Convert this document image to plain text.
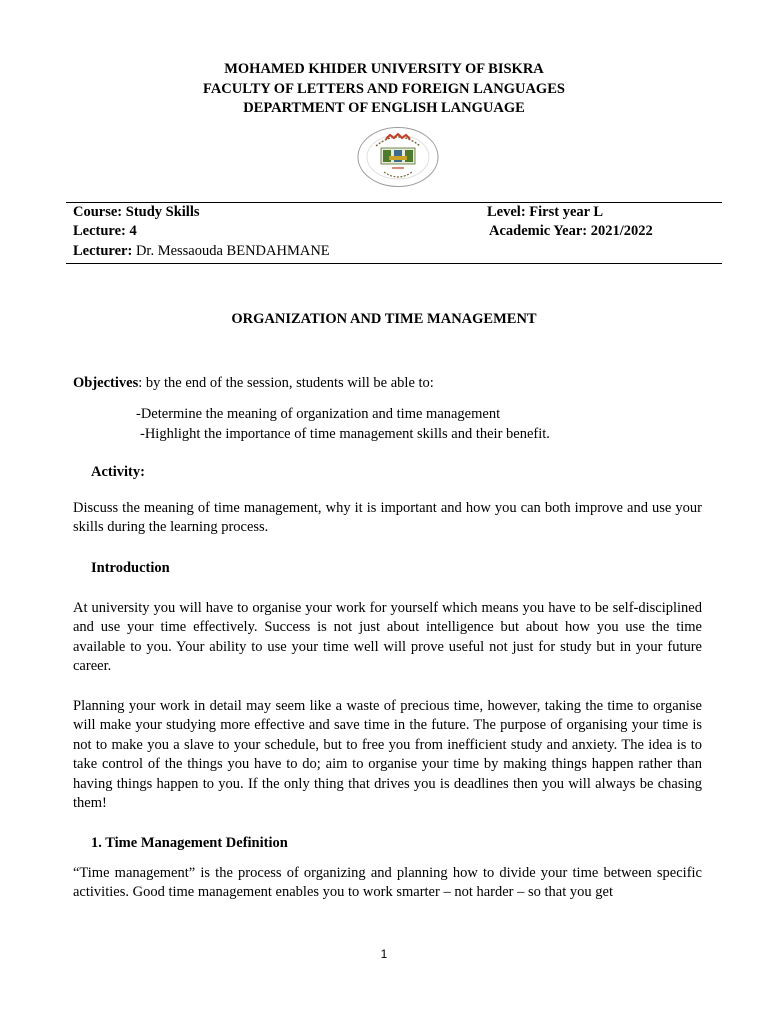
MOHAMED KHIDER UNIVERSITY OF BISKRA
FACULTY OF LETTERS AND FOREIGN LANGUAGES
DEPARTMENT OF ENGLISH LANGUAGE
Course: Study Skills	Level: First year L
Lecture: 4	Academic Year: 2021/2022
Lecturer: Dr. Messaouda BENDAHMANE
ORGANIZATION AND TIME MANAGEMENT
Objectives: by the end of the session, students will be able to:
-Determine the meaning of organization and time management
-Highlight the importance of time management skills and their benefit.
Activity:
Discuss the meaning of time management, why it is important and how you can both improve and use your skills during the learning process.
Introduction
At university you will have to organise your work for yourself which means you have to be self-disciplined and use your time effectively. Success is not just about intelligence but about how you use the time available to you. Your ability to use your time well will prove useful not just for study but in your future career.
Planning your work in detail may seem like a waste of precious time, however, taking the time to organise will make your studying more effective and save time in the future. The purpose of organising your time is not to make you a slave to your schedule, but to free you from inefficient study and anxiety. The idea is to take control of the things you have to do; aim to organise your time by making things happen rather than having things happen to you. If the only thing that drives you is deadlines then you will always be chasing them!
1. Time Management Definition
“Time management” is the process of organizing and planning how to divide your time between specific activities. Good time management enables you to work smarter – not harder – so that you get
1
